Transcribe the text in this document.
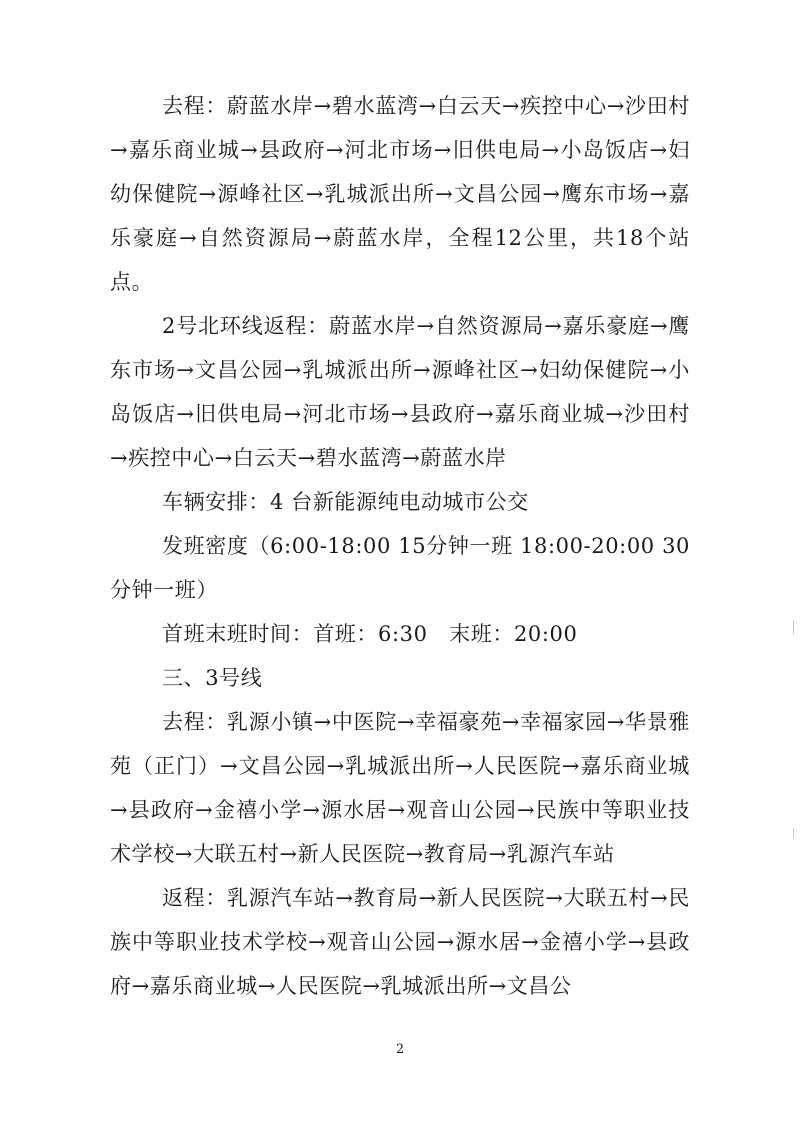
去程：蔚蓝水岸→碧水蓝湾→白云天→疾控中心→沙田村→嘉乐商业城→县政府→河北市场→旧供电局→小岛饭店→妇幼保健院→源峰社区→乳城派出所→文昌公园→鹰东市场→嘉乐豪庭→自然资源局→蔚蓝水岸，全程12公里，共18个站点。

2号北环线返程：蔚蓝水岸→自然资源局→嘉乐豪庭→鹰东市场→文昌公园→乳城派出所→源峰社区→妇幼保健院→小岛饭店→旧供电局→河北市场→县政府→嘉乐商业城→沙田村→疾控中心→白云天→碧水蓝湾→蔚蓝水岸

车辆安排：4 台新能源纯电动城市公交

发班密度（6:00-18:00 15分钟一班 18:00-20:00 30分钟一班）

首班末班时间：首班：6:30　末班：20:00

三、3号线

去程：乳源小镇→中医院→幸福豪苑→幸福家园→华景雅苑（正门）→文昌公园→乳城派出所→人民医院→嘉乐商业城→县政府→金禧小学→源水居→观音山公园→民族中等职业技术学校→大联五村→新人民医院→教育局→乳源汽车站

返程：乳源汽车站→教育局→新人民医院→大联五村→民族中等职业技术学校→观音山公园→源水居→金禧小学→县政府→嘉乐商业城→人民医院→乳城派出所→文昌公

2
